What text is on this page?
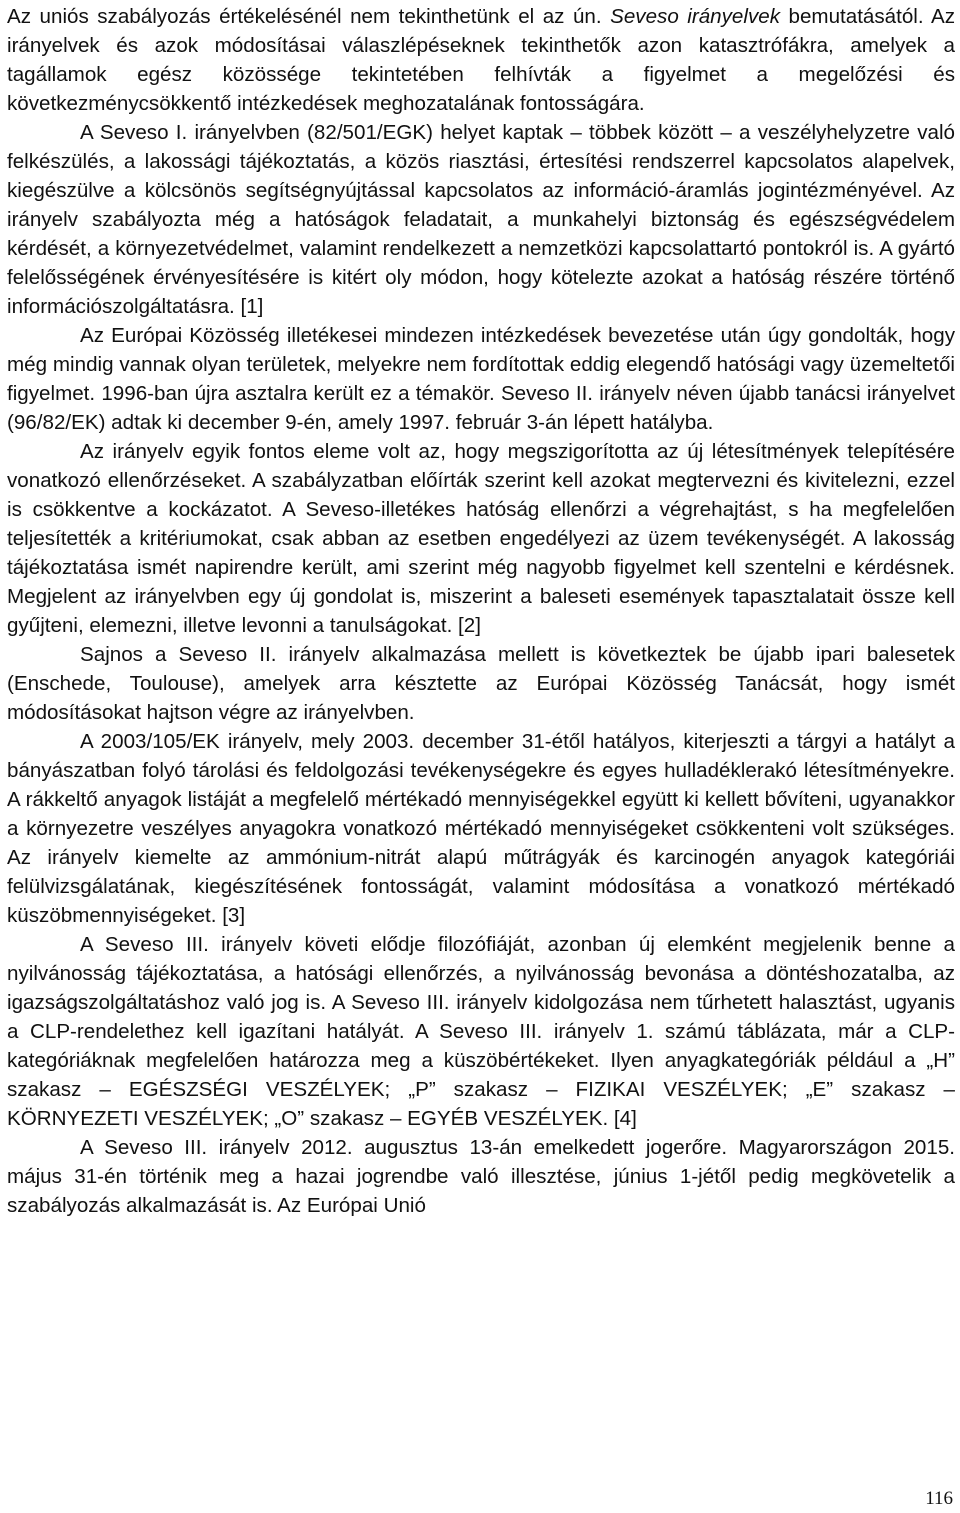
Az uniós szabályozás értékelésénél nem tekinthetünk el az ún. Seveso irányelvek bemutatásától. Az irányelvek és azok módosításai válaszlépéseknek tekinthetők azon katasztrófákra, amelyek a tagállamok egész közössége tekintetében felhívták a figyelmet a megelőzési és következménycsökkentő intézkedések meghozatalának fontosságára.

A Seveso I. irányelvben (82/501/EGK) helyet kaptak – többek között – a veszélyhelyzetre való felkészülés, a lakossági tájékoztatás, a közös riasztási, értesítési rendszerrel kapcsolatos alapelvek, kiegészülve a kölcsönös segítségnyújtással kapcsolatos az információ-áramlás jogintézményével. Az irányelv szabályozta még a hatóságok feladatait, a munkahelyi biztonság és egészségvédelem kérdését, a környezetvédelmet, valamint rendelkezett a nemzetközi kapcsolattartó pontokról is. A gyártó felelősségének érvényesítésére is kitért oly módon, hogy kötelezte azokat a hatóság részére történő információszolgáltatásra. [1]

Az Európai Közösség illetékesei mindezen intézkedések bevezetése után úgy gondolták, hogy még mindig vannak olyan területek, melyekre nem fordítottak eddig elegendő hatósági vagy üzemeltetői figyelmet. 1996-ban újra asztalra került ez a témakör. Seveso II. irányelv néven újabb tanácsi irányelvet (96/82/EK) adtak ki december 9-én, amely 1997. február 3-án lépett hatályba.

Az irányelv egyik fontos eleme volt az, hogy megszigorította az új létesítmények telepítésére vonatkozó ellenőrzéseket. A szabályzatban előírták szerint kell azokat megtervezni és kivitelezni, ezzel is csökkentve a kockázatot. A Seveso-illetékes hatóság ellenőrzi a végrehajtást, s ha megfelelően teljesítették a kritériumokat, csak abban az esetben engedélyezi az üzem tevékenységét. A lakosság tájékoztatása ismét napirendre került, ami szerint még nagyobb figyelmet kell szentelni e kérdésnek. Megjelent az irányelvben egy új gondolat is, miszerint a baleseti események tapasztalatait össze kell gyűjteni, elemezni, illetve levonni a tanulságokat. [2]

Sajnos a Seveso II. irányelv alkalmazása mellett is következtek be újabb ipari balesetek (Enschede, Toulouse), amelyek arra késztette az Európai Közösség Tanácsát, hogy ismét módosításokat hajtson végre az irányelvben.

A 2003/105/EK irányelv, mely 2003. december 31-étől hatályos, kiterjeszti a tárgyi a hatályt a bányászatban folyó tárolási és feldolgozási tevékenységekre és egyes hulladéklerakó létesítményekre. A rákkeltő anyagok listáját a megfelelő mértékadó mennyiségekkel együtt ki kellett bővíteni, ugyanakkor a környezetre veszélyes anyagokra vonatkozó mértékadó mennyiségeket csökkenteni volt szükséges. Az irányelv kiemelte az ammónium-nitrát alapú műtrágyák és karcinogén anyagok kategóriái felülvizsgálatának, kiegészítésének fontosságát, valamint módosítása a vonatkozó mértékadó küszöbmennyiségeket. [3]

A Seveso III. irányelv követi elődje filozófiáját, azonban új elemként megjelenik benne a nyilvánosság tájékoztatása, a hatósági ellenőrzés, a nyilvánosság bevonása a döntéshozatalba, az igazságszolgáltatáshoz való jog is. A Seveso III. irányelv kidolgozása nem tűrhetett halasztást, ugyanis a CLP-rendelethez kell igazítani hatályát. A Seveso III. irányelv 1. számú táblázata, már a CLP-kategóriáknak megfelelően határozza meg a küszöbértékeket. Ilyen anyagkategóriák például a „H” szakasz – EGÉSZSÉGI VESZÉLYEK; „P” szakasz – FIZIKAI VESZÉLYEK; „E” szakasz – KÖRNYEZETI VESZÉLYEK; „O” szakasz – EGYÉB VESZÉLYEK. [4]

A Seveso III. irányelv 2012. augusztus 13-án emelkedett jogerőre. Magyarországon 2015. május 31-én történik meg a hazai jogrendbe való illesztése, június 1-jétől pedig megkövetelik a szabályozás alkalmazását is. Az Európai Unió

116
